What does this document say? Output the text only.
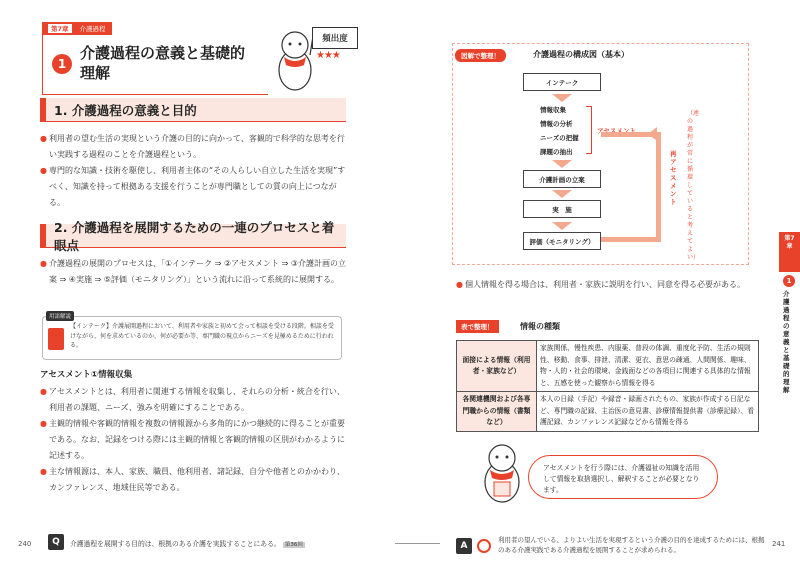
第7章	介護過程
1
介護過程の意義と基礎的理解
頻出度
★★★
1. 介護過程の意義と目的

● 利用者の望む生活の実現という介護の目的に向かって、客観的で科学的な思考を行い実践する過程のことを介護過程という。

● 専門的な知識・技術を駆使し、利用者主体の“その人らしい自立した生活を実現”すべく、知識を持って根拠ある支援を行うことが専門職としての質の向上につながる。

2. 介護過程を展開するための一連のプロセスと着眼点

● 介護過程の展開のプロセスは、「①インテーク ⇒ ②アセスメント ⇒ ③介護計画の立案 ⇒ ④実施 ⇒ ⑤評価（モニタリング）」という流れに沿って系統的に展開する。

用語解説
【インテーク】介護展開過程において、利用者や家族と初めて会って相談を受ける段階。相談を受けながら、何を求めているのか、何が必要か等、専門職の視点からニーズを見極めるために行われる。
アセスメント①情報収集

● アセスメントとは、利用者に関連する情報を収集し、それらの分析・統合を行い、利用者の課題、ニーズ、強みを明確にすることである。

● 主観的情報や客観的情報を複数の情報源から多角的にかつ継続的に得ることが重要である。なお、記録をつける際には主観的情報と客観的情報の区別がわかるように記述する。

● 主な情報源は、本人、家族、職員、他利用者、諸記録、自分や他者とのかかわり、カンファレンス、地域住民等である。

図解で整理！	介護過程の構成図（基本）
インテーク
情報収集
情報の分析
ニーズの把握
課題の抽出
アセスメント
介護計画の立案
実　施
評価（モニタリング）
再アセスメント
（連の過程が常に循環していると考えてよい）

● 個人情報を得る場合は、利用者・家族に説明を行い、同意を得る必要がある。

表で整理！	情報の種類
面接による情報（利用者・家族など）	家族関係、慢性疾患、内服薬、普段の体調、重度化予防、生活の規則性、移動、食事、排泄、清潔、更衣、意思の疎通、人間関係、趣味、物・人的・社会的環境、金銭面などの各項目に関連する具体的な情報と、五感を使った観察から情報を得る
各関連機関および各専門職からの情報（書類など）	本人の日録（手記）や録音・録画されたもの、家族が作成する日記など、専門職の記録、主治医の意見書、診療情報提供書（診療記録）、看護記録、カンファレンス記録などから情報を得る
アセスメントを行う際には、介護福祉の知識を活用して情報を取捨選択し、解釈することが必要となります。
第7章
1
介護過程の意義と基礎的理解
240	Q	介護過程を展開する目的は、根拠のある介護を実践することにある。 第36回	A
利用者の望んでいる、よりよい生活を実現するという介護の目的を達成するためには、根拠のある介護実践である介護過程を展開することが求められる。
241
